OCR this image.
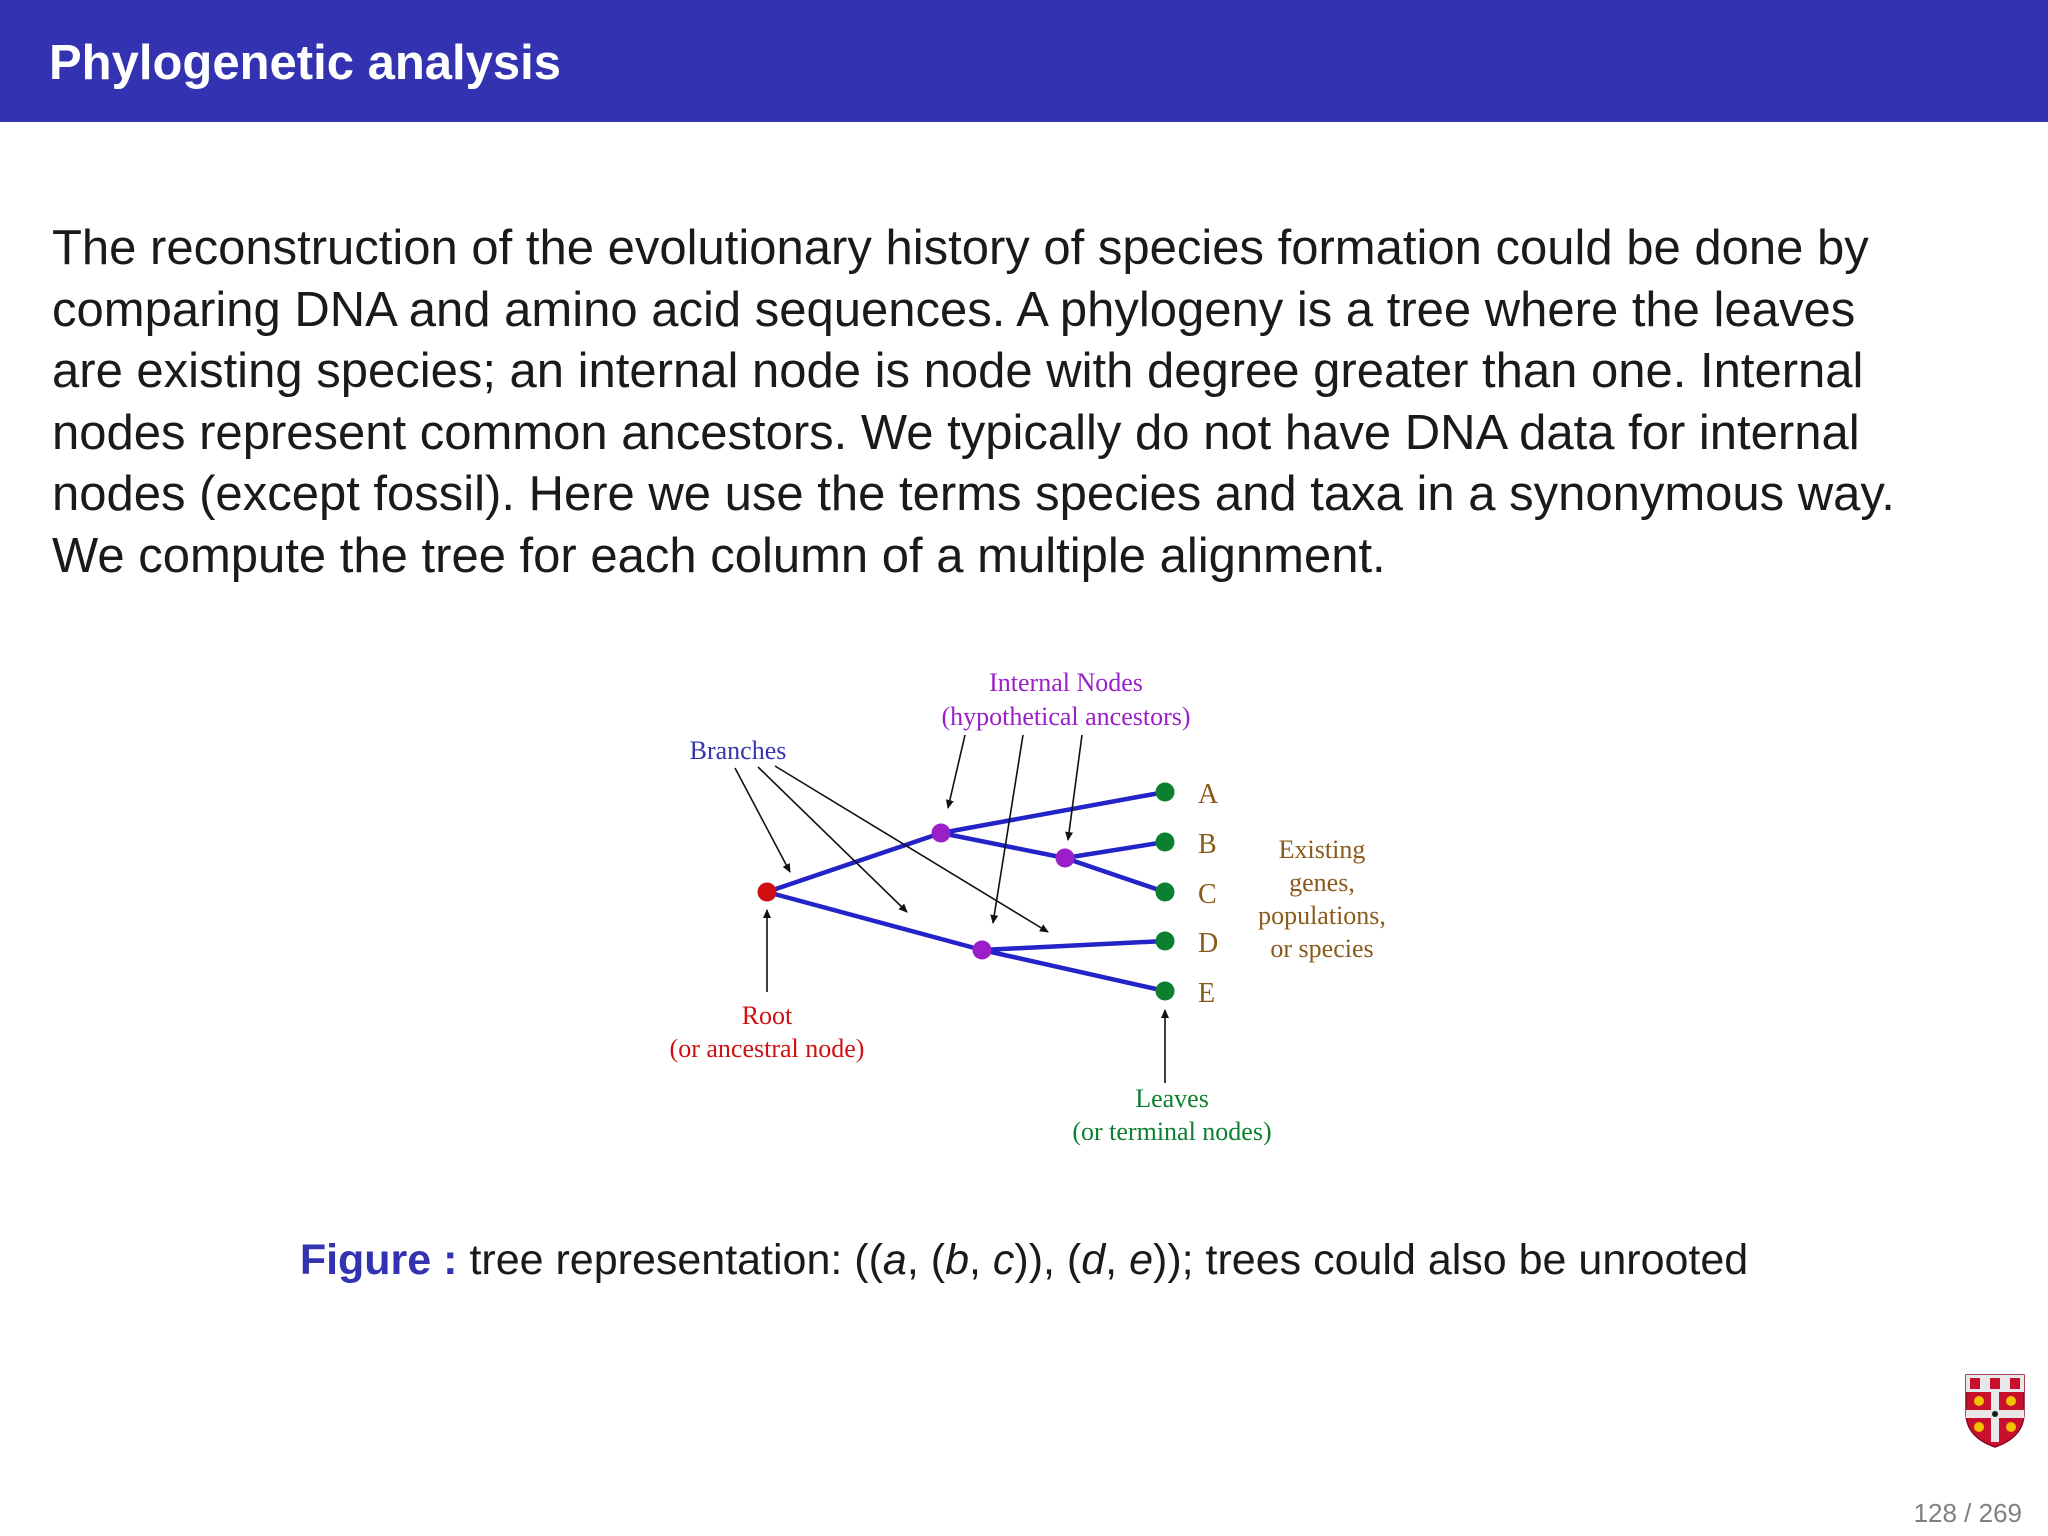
Phylogenetic analysis
The reconstruction of the evolutionary history of species formation could be done by
comparing DNA and amino acid sequences. A phylogeny is a tree where the leaves
are existing species; an internal node is node with degree greater than one. Internal
nodes represent common ancestors. We typically do not have DNA data for internal
nodes (except fossil). Here we use the terms species and taxa in a synonymous way.
We compute the tree for each column of a multiple alignment.
A
B
C
D
E
Internal Nodes
(hypothetical ancestors)
Branches
Root
(or ancestral node)
Leaves
(or terminal nodes)
Existing
genes,
populations,
or species
Figure : tree representation: ((a, (b, c)), (d, e)); trees could also be unrooted
128 / 269
